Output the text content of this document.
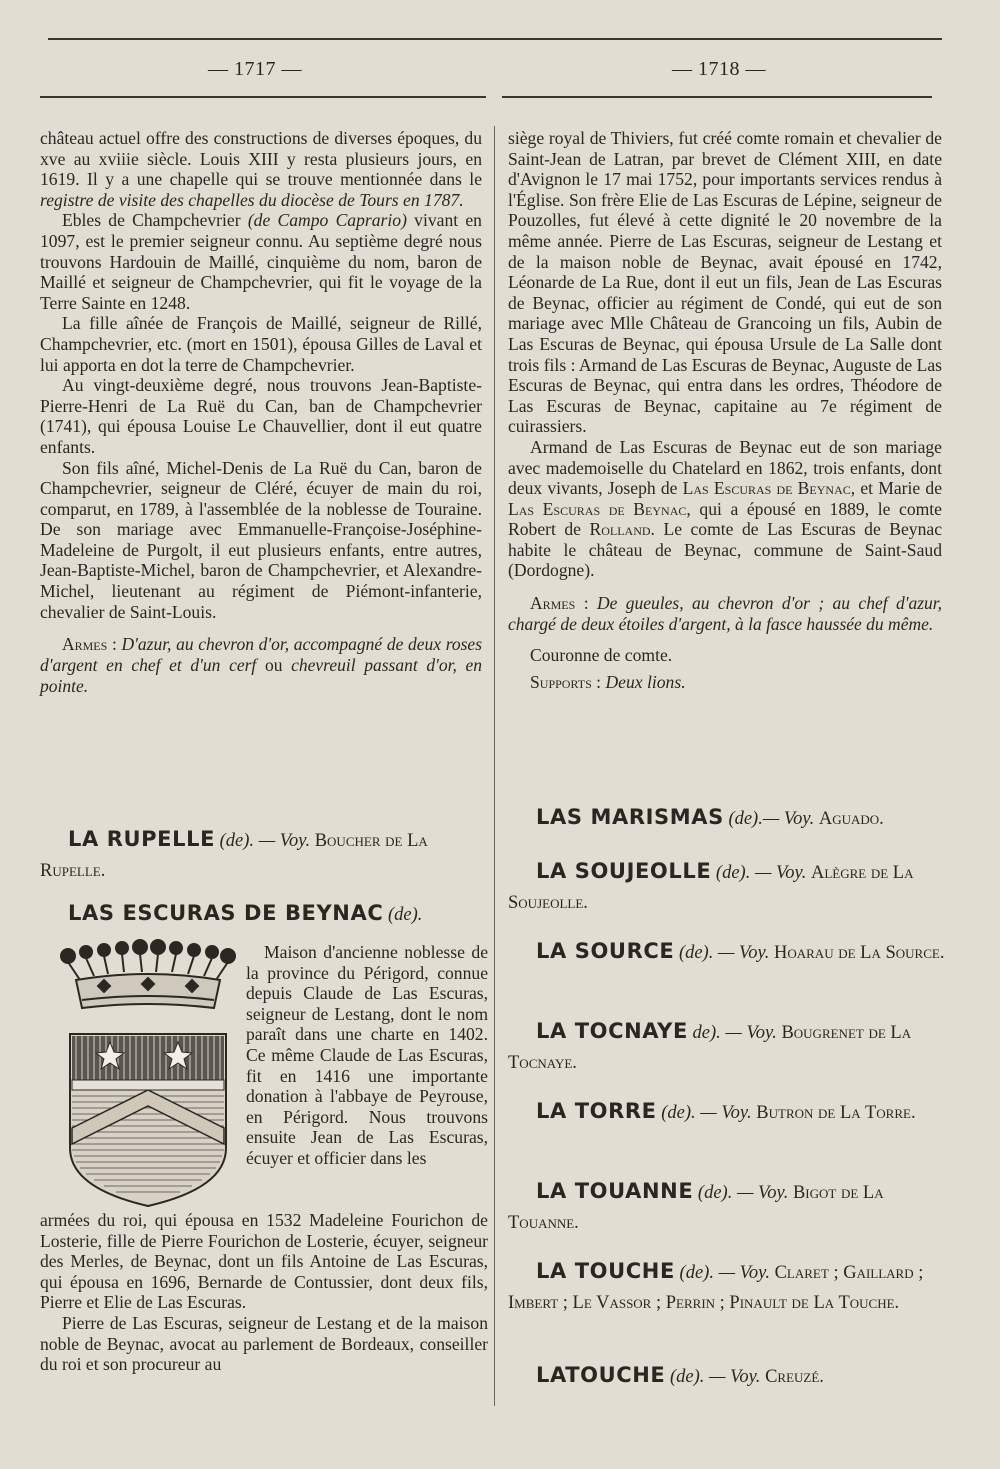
— 1717 —	— 1718 —

château actuel offre des constructions de diverses époques, du xve au xviiie siècle. Louis XIII y resta plusieurs jours, en 1619. Il y a une chapelle qui se trouve mentionnée dans le registre de visite des chapelles du diocèse de Tours en 1787.

Ebles de Champchevrier (de Campo Caprario) vivant en 1097, est le premier seigneur connu. Au septième degré nous trouvons Hardouin de Maillé, cinquième du nom, baron de Maillé et seigneur de Champchevrier, qui fit le voyage de la Terre Sainte en 1248.

La fille aînée de François de Maillé, seigneur de Rillé, Champchevrier, etc. (mort en 1501), épousa Gilles de Laval et lui apporta en dot la terre de Champchevrier.

Au vingt-deuxième degré, nous trouvons Jean-Baptiste-Pierre-Henri de La Ruë du Can, ban de Champchevrier (1741), qui épousa Louise Le Chauvellier, dont il eut quatre enfants.

Son fils aîné, Michel-Denis de La Ruë du Can, baron de Champchevrier, seigneur de Cléré, écuyer de main du roi, comparut, en 1789, à l'assemblée de la noblesse de Touraine. De son mariage avec Emmanuelle-Françoise-Joséphine-Madeleine de Purgolt, il eut plusieurs enfants, entre autres, Jean-Baptiste-Michel, baron de Champchevrier, et Alexandre-Michel, lieutenant au régiment de Piémont-infanterie, chevalier de Saint-Louis.

Armes : D'azur, au chevron d'or, accompagné de deux roses d'argent en chef et d'un cerf ou chevreuil passant d'or, en pointe.

LA RUPELLE (de). — Voy. Boucher de La Rupelle.
LAS ESCURAS DE BEYNAC (de).
Maison d'ancienne noblesse de la province du Périgord, connue depuis Claude de Las Escuras, seigneur de Lestang, dont le nom paraît dans une charte en 1402. Ce même Claude de Las Escuras, fit en 1416 une importante donation à l'abbaye de Peyrouse, en Périgord. Nous trouvons ensuite Jean de Las Escuras, écuyer et officier dans les

armées du roi, qui épousa en 1532 Madeleine Fourichon de Losterie, fille de Pierre Fourichon de Losterie, écuyer, seigneur des Merles, de Beynac, dont un fils Antoine de Las Escuras, qui épousa en 1696, Bernarde de Contussier, dont deux fils, Pierre et Elie de Las Escuras.

Pierre de Las Escuras, seigneur de Lestang et de la maison noble de Beynac, avocat au parlement de Bordeaux, conseiller du roi et son procureur au

siège royal de Thiviers, fut créé comte romain et chevalier de Saint-Jean de Latran, par brevet de Clément XIII, en date d'Avignon le 17 mai 1752, pour importants services rendus à l'Église. Son frère Elie de Las Escuras de Lépine, seigneur de Pouzolles, fut élevé à cette dignité le 20 novembre de la même année. Pierre de Las Escuras, seigneur de Lestang et de la maison noble de Beynac, avait épousé en 1742, Léonarde de La Rue, dont il eut un fils, Jean de Las Escuras de Beynac, officier au régiment de Condé, qui eut de son mariage avec Mlle Château de Grancoing un fils, Aubin de Las Escuras de Beynac, qui épousa Ursule de La Salle dont trois fils : Armand de Las Escuras de Beynac, Auguste de Las Escuras de Beynac, qui entra dans les ordres, Théodore de Las Escuras de Beynac, capitaine au 7e régiment de cuirassiers.

Armand de Las Escuras de Beynac eut de son mariage avec mademoiselle du Chatelard en 1862, trois enfants, dont deux vivants, Joseph de Las Escuras de Beynac, et Marie de Las Escuras de Beynac, qui a épousé en 1889, le comte Robert de Rolland. Le comte de Las Escuras de Beynac habite le château de Beynac, commune de Saint-Saud (Dordogne).

Armes : De gueules, au chevron d'or ; au chef d'azur, chargé de deux étoiles d'argent, à la fasce haussée du même.

Couronne de comte.

Supports : Deux lions.

LAS MARISMAS (de).— Voy. Aguado.
LA SOUJEOLLE (de). — Voy. Alègre de La Soujeolle.
LA SOURCE (de). — Voy. Hoarau de La Source.
LA TOCNAYE de). — Voy. Bougrenet de La Tocnaye.
LA TORRE (de). — Voy. Butron de La Torre.
LA TOUANNE (de). — Voy. Bigot de La Touanne.
LA TOUCHE (de). — Voy. Claret ; Gaillard ; Imbert ; Le Vassor ; Perrin ; Pinault de La Touche.
LATOUCHE (de). — Voy. Creuzé.
